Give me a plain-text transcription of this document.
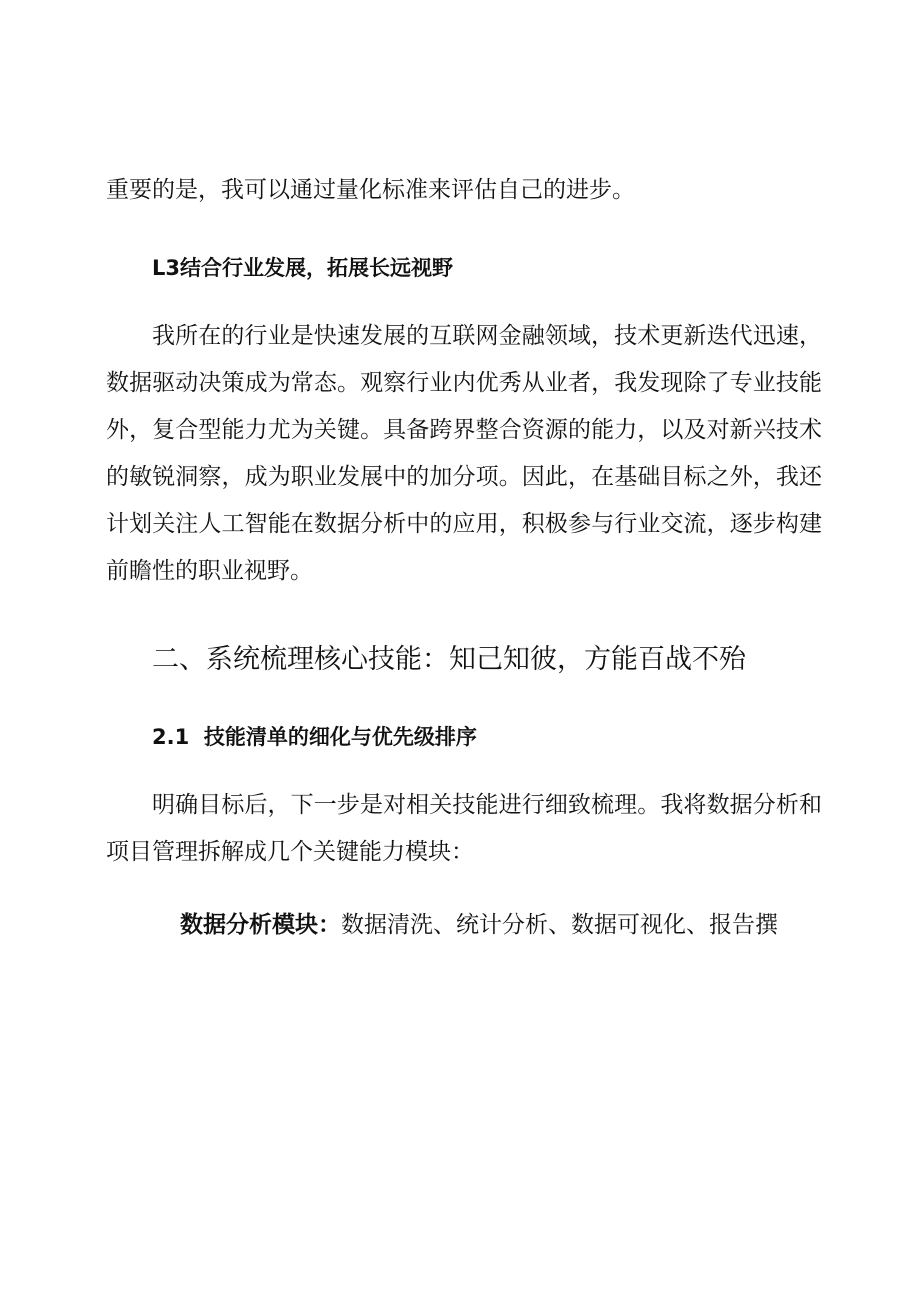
重要的是，我可以通过量化标准来评估自己的进步。
L3结合行业发展，拓展长远视野

我所在的行业是快速发展的互联网金融领域，技术更新迭代迅速，数据驱动决策成为常态。观察行业内优秀从业者，我发现除了专业技能外，复合型能力尤为关键。具备跨界整合资源的能力，以及对新兴技术的敏锐洞察，成为职业发展中的加分项。因此，在基础目标之外，我还计划关注人工智能在数据分析中的应用，积极参与行业交流，逐步构建前瞻性的职业视野。

二、系统梳理核心技能：知己知彼，方能百战不殆
2.1  技能清单的细化与优先级排序

明确目标后，下一步是对相关技能进行细致梳理。我将数据分析和项目管理拆解成几个关键能力模块：

数据分析模块：数据清洗、统计分析、数据可视化、报告撰
